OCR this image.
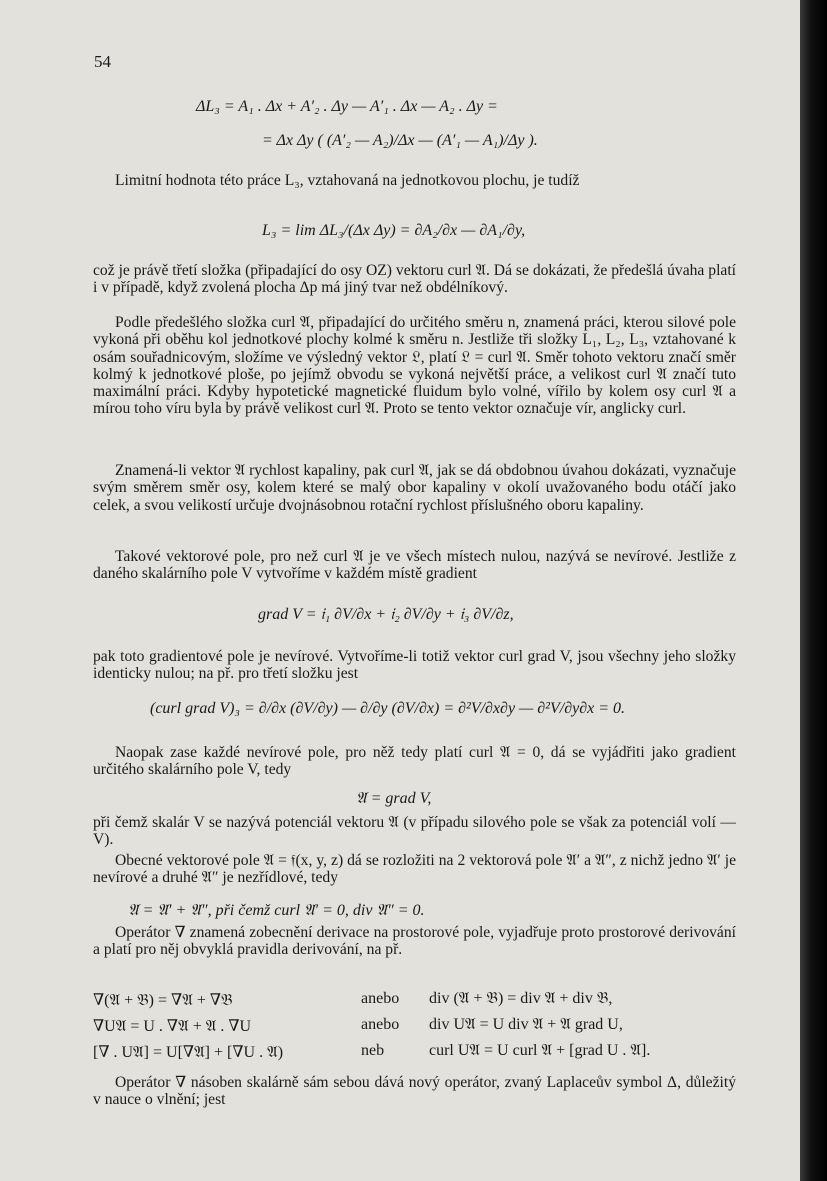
54
ΔL₃ = A₁ . Δx + A′₂ . Δy — A′₁ . Δx — A₂ . Δy =
= Δx Δy ( (A′₂ — A₂)/Δx — (A′₁ — A₁)/Δy ).
Limitní hodnota této práce L₃, vztahovaná na jednotkovou plochu, je tudíž
L₃ = lim ΔL₃/(Δx Δy) = ∂A₂/∂x — ∂A₁/∂y,
což je právě třetí složka (připadající do osy OZ) vektoru curl 𝔄. Dá se dokázati, že předešlá úvaha platí i v případě, když zvolená plocha Δp má jiný tvar než obdélníkový.
Podle předešlého složka curl 𝔄, připadající do určitého směru n, znamená práci, kterou silové pole vykoná při oběhu kol jednotkové plochy kolmé k směru n. Jestliže tři složky L₁, L₂, L₃, vztahované k osám souřadnicovým, složíme ve výsledný vektor 𝔏, platí 𝔏 = curl 𝔄. Směr tohoto vektoru značí směr kolmý k jednotkové ploše, po jejímž obvodu se vykoná největší práce, a velikost curl 𝔄 značí tuto maximální práci. Kdyby hypotetické magnetické fluidum bylo volné, vířilo by kolem osy curl 𝔄 a mírou toho víru byla by právě velikost curl 𝔄. Proto se tento vektor označuje vír, anglicky curl.
Znamená-li vektor 𝔄 rychlost kapaliny, pak curl 𝔄, jak se dá obdobnou úvahou dokázati, vyznačuje svým směrem směr osy, kolem které se malý obor kapaliny v okolí uvažovaného bodu otáčí jako celek, a svou velikostí určuje dvojnásobnou rotační rychlost příslušného oboru kapaliny.
Takové vektorové pole, pro než curl 𝔄 je ve všech místech nulou, nazývá se nevírové. Jestliže z daného skalárního pole V vytvoříme v každém místě gradient
grad V = 𝔦₁ ∂V/∂x + 𝔦₂ ∂V/∂y + 𝔦₃ ∂V/∂z,
pak toto gradientové pole je nevírové. Vytvoříme-li totiž vektor curl grad V, jsou všechny jeho složky identicky nulou; na př. pro třetí složku jest
(curl grad V)₃ = ∂/∂x (∂V/∂y) — ∂/∂y (∂V/∂x) = ∂²V/∂x∂y — ∂²V/∂y∂x = 0.
Naopak zase každé nevírové pole, pro něž tedy platí curl 𝔄 = 0, dá se vyjádřiti jako gradient určitého skalárního pole V, tedy
𝔄 = grad V,
při čemž skalár V se nazývá potenciál vektoru 𝔄 (v případu silového pole se však za potenciál volí — V).
Obecné vektorové pole 𝔄 = 𝔣(x, y, z) dá se rozložiti na 2 vektorová pole 𝔄′ a 𝔄″, z nichž jedno 𝔄′ je nevírové a druhé 𝔄″ je nezřídlové, tedy
𝔄 = 𝔄′ + 𝔄″, při čemž curl 𝔄′ = 0, div 𝔄″ = 0.
Operátor ∇ znamená zobecnění derivace na prostorové pole, vyjadřuje proto prostorové derivování a platí pro něj obvyklá pravidla derivování, na př.
∇(𝔄 + 𝔅) = ∇𝔄 + ∇𝔅	anebo div (𝔄 + 𝔅) = div 𝔄 + div 𝔅,
∇U𝔄 = U . ∇𝔄 + 𝔄 . ∇U	anebo div U𝔄 = U div 𝔄 + 𝔄 grad U,
[∇ . U𝔄] = U[∇𝔄] + [∇U . 𝔄)	neb	curl U𝔄 = U curl 𝔄 + [grad U . 𝔄].
Operátor ∇ násoben skalárně sám sebou dává nový operátor, zvaný Laplaceův symbol Δ, důležitý v nauce o vlnění; jest
